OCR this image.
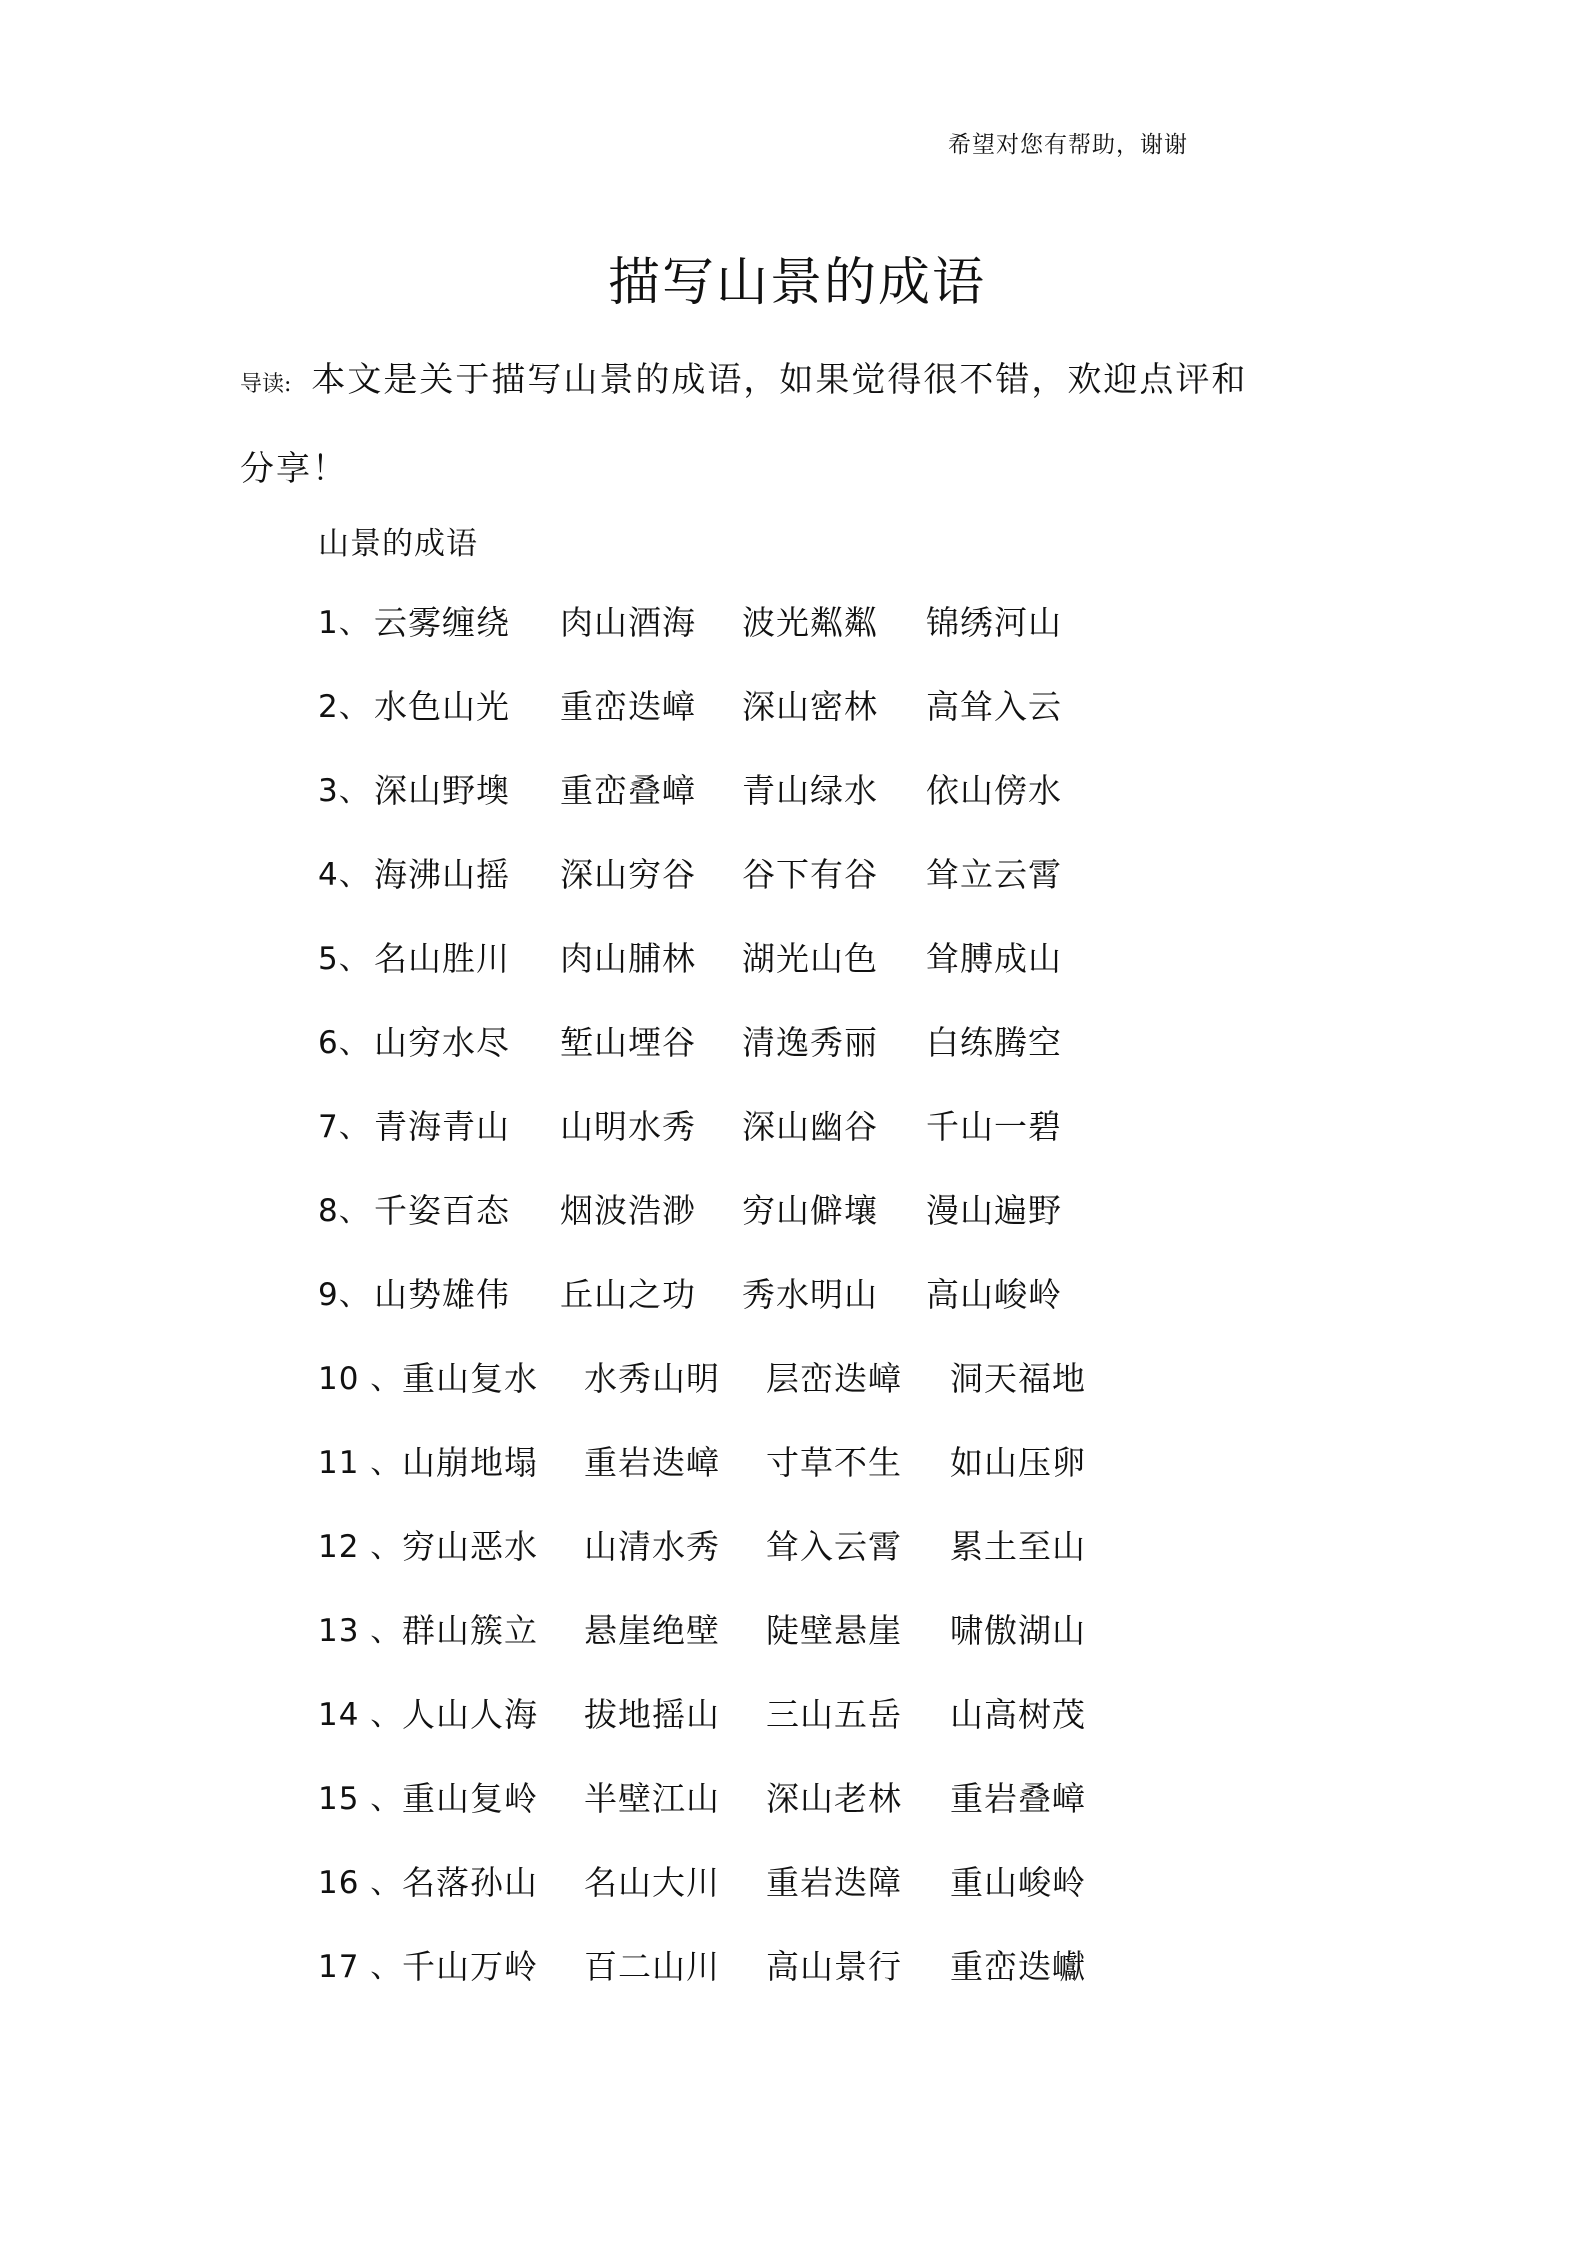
希望对您有帮助，谢谢
描写山景的成语
导读: 本文是关于描写山景的成语，如果觉得很不错，欢迎点评和分享！
山景的成语
1、 云雾缠绕	肉山酒海	波光粼粼	锦绣河山
2、 水色山光	重峦迭嶂	深山密林	高耸入云
3、 深山野墺	重峦叠嶂	青山绿水	依山傍水
4、 海沸山摇	深山穷谷	谷下有谷	耸立云霄
5、 名山胜川	肉山脯林	湖光山色	耸膊成山
6、 山穷水尽	堑山堙谷	清逸秀丽	白练腾空
7、 青海青山	山明水秀	深山幽谷	千山一碧
8、 千姿百态	烟波浩渺	穷山僻壤	漫山遍野
9、 山势雄伟	丘山之功	秀水明山	高山峻岭
10 、 重山复水	水秀山明	层峦迭嶂	洞天福地
11 、 山崩地塌	重岩迭嶂	寸草不生	如山压卵
12 、 穷山恶水	山清水秀	耸入云霄	累土至山
13 、 群山簇立	悬崖绝壁	陡壁悬崖	啸傲湖山
14 、 人山人海	拔地摇山	三山五岳	山高树茂
15 、 重山复岭	半壁江山	深山老林	重岩叠嶂
16 、 名落孙山	名山大川	重岩迭障	重山峻岭
17 、 千山万岭	百二山川	高山景行	重峦迭巘
